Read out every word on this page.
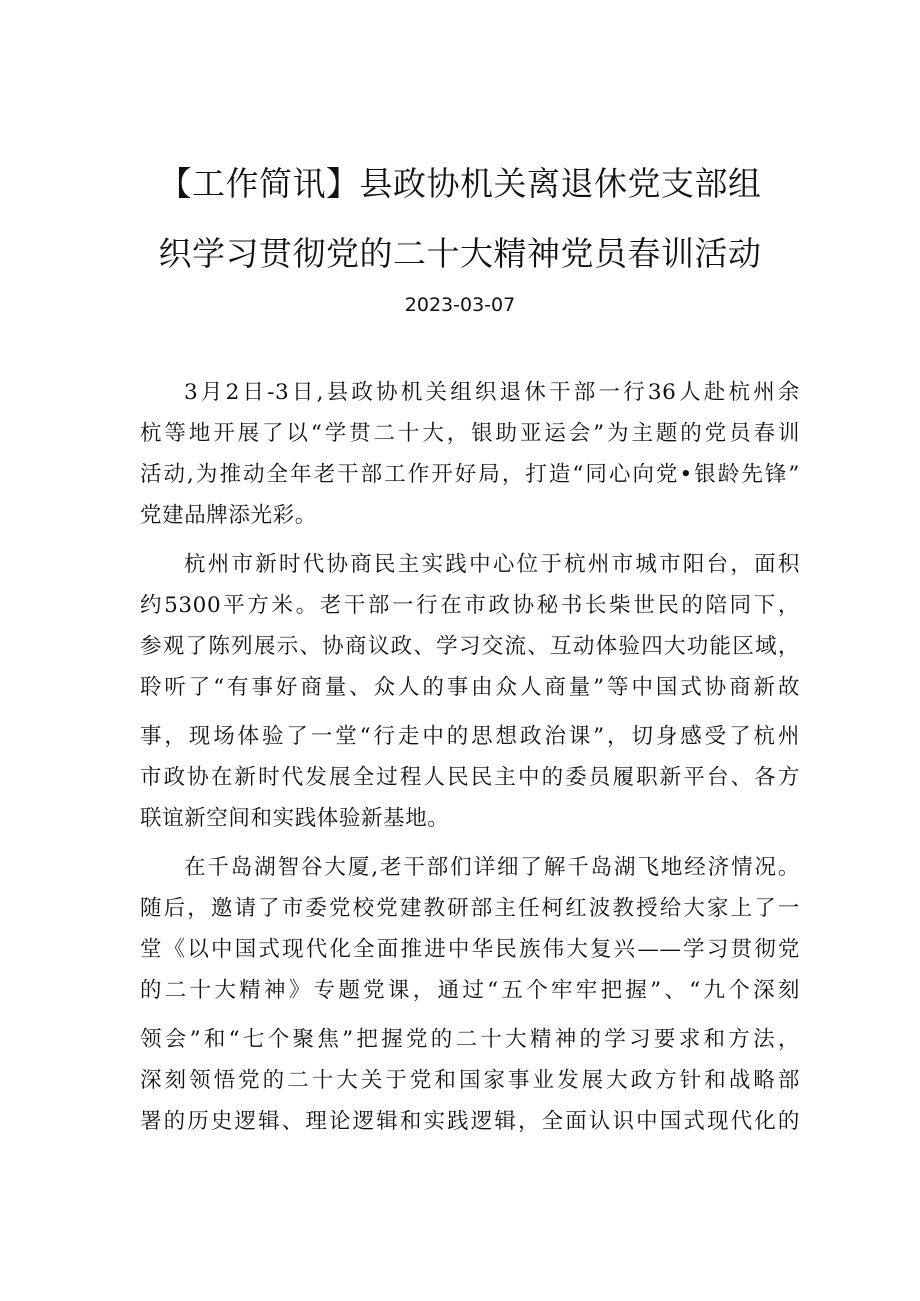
【工作简讯】县政协机关离退休党支部组
织学习贯彻党的二十大精神党员春训活动
2023-03-07
3月2日-3日,县政协机关组织退休干部一行36人赴杭州余
杭等地开展了以“学贯二十大，银助亚运会”为主题的党员春训
活动,为推动全年老干部工作开好局，打造“同心向党•银龄先锋”
党建品牌添光彩。
杭州市新时代协商民主实践中心位于杭州市城市阳台，面积
约5300平方米。老干部一行在市政协秘书长柴世民的陪同下，
参观了陈列展示、协商议政、学习交流、互动体验四大功能区域，
聆听了“有事好商量、众人的事由众人商量”等中国式协商新故
事，现场体验了一堂“行走中的思想政治课”，切身感受了杭州
市政协在新时代发展全过程人民民主中的委员履职新平台、各方
联谊新空间和实践体验新基地。
在千岛湖智谷大厦,老干部们详细了解千岛湖飞地经济情况。
随后，邀请了市委党校党建教研部主任柯红波教授给大家上了一
堂《以中国式现代化全面推进中华民族伟大复兴——学习贯彻党
的二十大精神》专题党课，通过“五个牢牢把握”、“九个深刻
领会”和“七个聚焦”把握党的二十大精神的学习要求和方法，
深刻领悟党的二十大关于党和国家事业发展大政方针和战略部
署的历史逻辑、理论逻辑和实践逻辑，全面认识中国式现代化的
